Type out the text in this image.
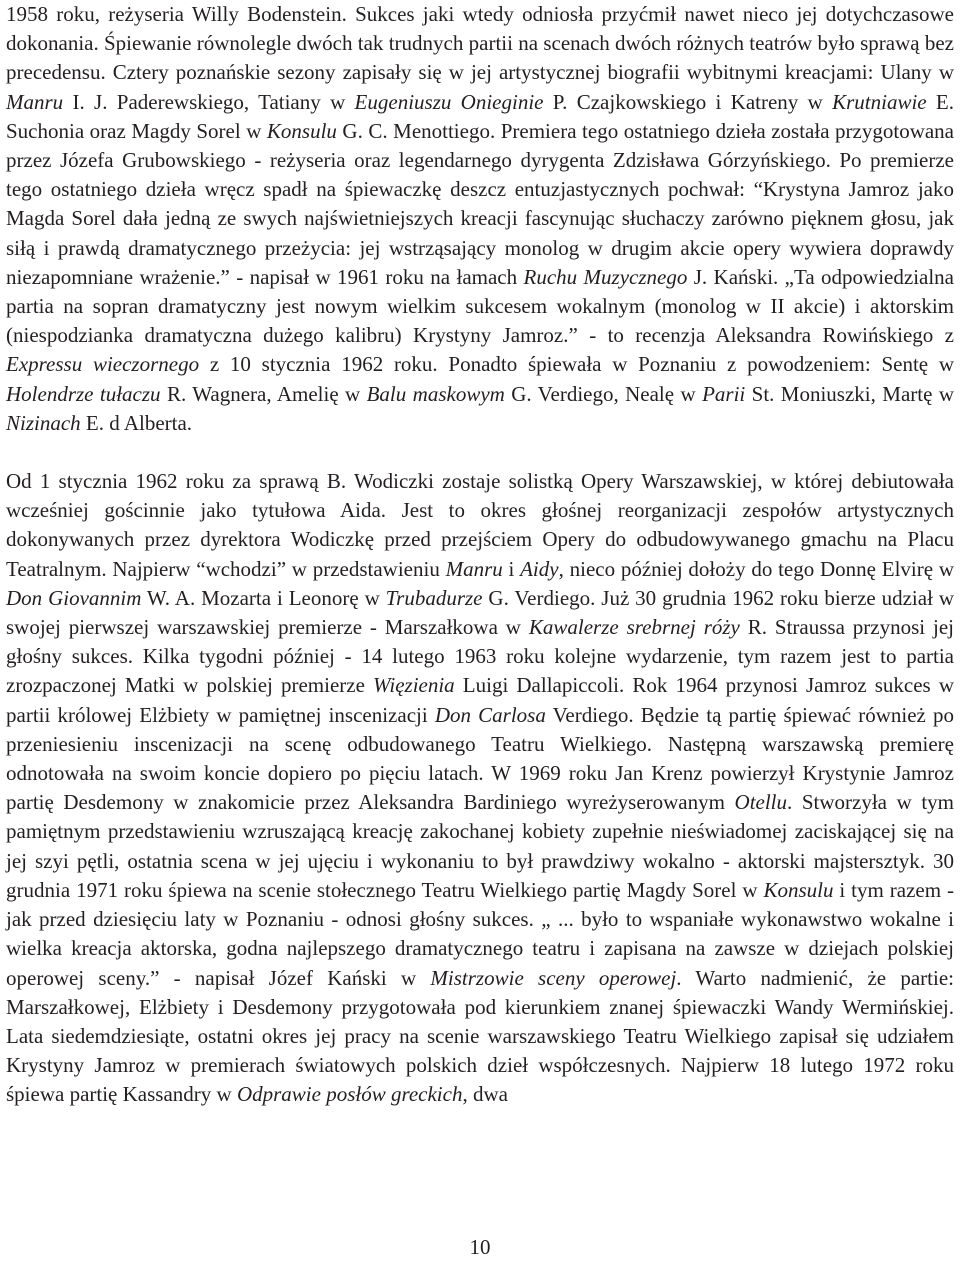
1958 roku, reżyseria Willy Bodenstein. Sukces jaki wtedy odniosła przyćmił nawet nieco jej dotychczasowe dokonania. Śpiewanie równolegle dwóch tak trudnych partii na scenach dwóch różnych teatrów było sprawą bez precedensu. Cztery poznańskie sezony zapisały się w jej artystycznej biografii wybitnymi kreacjami: Ulany w Manru I. J. Paderewskiego, Tatiany w Eugeniuszu Onieginie P. Czajkowskiego i Katreny w Krutniawie E. Suchonia oraz Magdy Sorel w Konsulu G. C. Menottiego. Premiera tego ostatniego dzieła została przygotowana przez Józefa Grubowskiego - reżyseria oraz legendarnego dyrygenta Zdzisława Górzyńskiego. Po premierze tego ostatniego dzieła wręcz spadł na śpiewaczkę deszcz entuzjastycznych pochwał: “Krystyna Jamroz jako Magda Sorel dała jedną ze swych najświetniejszych kreacji fascynując słuchaczy zarówno pięknem głosu, jak siłą i prawdą dramatycznego przeżycia: jej wstrząsający monolog w drugim akcie opery wywiera doprawdy niezapomniane wrażenie.” - napisał w 1961 roku na łamach Ruchu Muzycznego J. Kański. „Ta odpowiedzialna partia na sopran dramatyczny jest nowym wielkim sukcesem wokalnym (monolog w II akcie) i aktorskim (niespodzianka dramatyczna dużego kalibru) Krystyny Jamroz.” - to recenzja Aleksandra Rowińskiego z Expressu wieczornego z 10 stycznia 1962 roku. Ponadto śpiewała w Poznaniu z powodzeniem: Sentę w Holendrze tułaczu R. Wagnera, Amelię w Balu maskowym G. Verdiego, Nealę w Parii St. Moniuszki, Martę w Nizinach E. d Alberta.

Od 1 stycznia 1962 roku za sprawą B. Wodiczki zostaje solistką Opery Warszawskiej, w której debiutowała wcześniej gościnnie jako tytułowa Aida. Jest to okres głośnej reorganizacji zespołów artystycznych dokonywanych przez dyrektora Wodiczkę przed przejściem Opery do odbudowywanego gmachu na Placu Teatralnym. Najpierw “wchodzi” w przedstawieniu Manru i Aidy, nieco później dołoży do tego Donnę Elvirę w Don Giovannim W. A. Mozarta i Leonorę w Trubadurze G. Verdiego. Już 30 grudnia 1962 roku bierze udział w swojej pierwszej warszawskiej premierze - Marszałkowa w Kawalerze srebrnej róży R. Straussa przynosi jej głośny sukces. Kilka tygodni później - 14 lutego 1963 roku kolejne wydarzenie, tym razem jest to partia zrozpaczonej Matki w polskiej premierze Więzienia Luigi Dallapiccoli. Rok 1964 przynosi Jamroz sukces w partii królowej Elżbiety w pamiętnej inscenizacji Don Carlosa Verdiego. Będzie tą partię śpiewać również po przeniesieniu inscenizacji na scenę odbudowanego Teatru Wielkiego. Następną warszawską premierę odnotowała na swoim koncie dopiero po pięciu latach. W 1969 roku Jan Krenz powierzył Krystynie Jamroz partię Desdemony w znakomicie przez Aleksandra Bardiniego wyreżyserowanym Otellu. Stworzyła w tym pamiętnym przedstawieniu wzruszającą kreację zakochanej kobiety zupełnie nieświadomej zaciskającej się na jej szyi pętli, ostatnia scena w jej ujęciu i wykonaniu to był prawdziwy wokalno - aktorski majstersztyk. 30 grudnia 1971 roku śpiewa na scenie stołecznego Teatru Wielkiego partię Magdy Sorel w Konsulu i tym razem - jak przed dziesięciu laty w Poznaniu - odnosi głośny sukces. „ ... było to wspaniałe wykonawstwo wokalne i wielka kreacja aktorska, godna najlepszego dramatycznego teatru i zapisana na zawsze w dziejach polskiej operowej sceny.” - napisał Józef Kański w Mistrzowie sceny operowej. Warto nadmienić, że partie: Marszałkowej, Elżbiety i Desdemony przygotowała pod kierunkiem znanej śpiewaczki Wandy Wermińskiej. Lata siedemdziesiąte, ostatni okres jej pracy na scenie warszawskiego Teatru Wielkiego zapisał się udziałem Krystyny Jamroz w premierach światowych polskich dzieł współczesnych. Najpierw 18 lutego 1972 roku śpiewa partię Kassandry w Odprawie posłów greckich, dwa

10
